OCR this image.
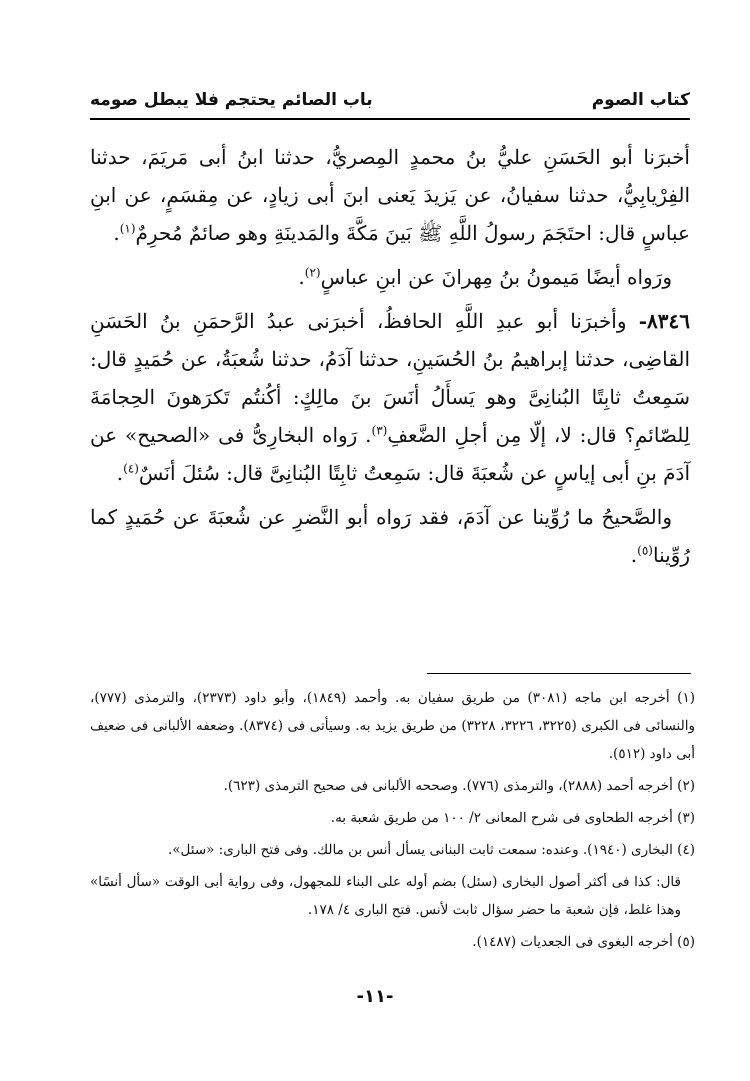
كتاب الصوم
باب الصائم يحتجم فلا يبطل صومه

أخبرَنا أبو الحَسَنِ عليُّ بنُ محمدٍ المِصريُّ، حدثنا ابنُ أبى مَريَمَ، حدثنا الفِرْيابِيُّ، حدثنا سفيانُ، عن يَزيدَ يَعنى ابنَ أبى زيادٍ، عن مِقسَمٍ، عن ابنِ عباسٍ قال: احتَجَمَ رسولُ اللَّهِ ﷺ بَينَ مَكَّةَ والمَدينَةِ وهو صائمٌ مُحرِمٌ$^{(١)}$.

ورَواه أيضًا مَيمونُ بنُ مِهرانَ عن ابنِ عباسٍ$^{(٢)}$.

٨٣٤٦- وأخبرَنا أبو عبدِ اللَّهِ الحافظُ، أخبرَنى عبدُ الرَّحمَنِ بنُ الحَسَنِ القاضِى، حدثنا إبراهيمُ بنُ الحُسَينِ، حدثنا آدَمُ، حدثنا شُعبَةُ، عن حُمَيدٍ قال: سَمِعتُ ثابِتًا البُنانِىَّ وهو يَسأَلُ أنَسَ بنَ مالِكٍ: أكُنتُم تَكرَهونَ الحِجامَةَ لِلصّائمِ؟ قال: لا، إلّا مِن أجلِ الضَّعفِ$^{(٣)}$. رَواه البخارِىُّ فى «الصحيح» عن آدَمَ بنِ أبى إياسٍ عن شُعبَةَ قال: سَمِعتُ ثابِتًا البُنانِىَّ قال: سُئلَ أنَسٌ$^{(٤)}$.

والصَّحيحُ ما رُوِّينا عن آدَمَ، فقد رَواه أبو النَّضرِ عن شُعبَةَ عن حُمَيدٍ كما رُوِّينا$^{(٥)}$.

(١) أخرجه ابن ماجه (٣٠٨١) من طريق سفيان به. وأحمد (١٨٤٩)، وأبو داود (٢٣٧٣)، والترمذى (٧٧٧)، والنسائى فى الكبرى (٣٢٢٥، ٣٢٢٦، ٣٢٢٨) من طريق يزيد به. وسيأتى فى (٨٣٧٤). وضعفه الألبانى فى ضعيف أبى داود (٥١٢).

(٢) أخرجه أحمد (٢٨٨٨)، والترمذى (٧٧٦). وصححه الألبانى فى صحيح الترمذى (٦٢٣).

(٣) أخرجه الطحاوى فى شرح المعانى ٢/ ١٠٠ من طريق شعبة به.

(٤) البخارى (١٩٤٠). وعنده: سمعت ثابت البنانى يسأل أنس بن مالك. وفى فتح البارى: «سئل».

قال: كذا فى أكثر أصول البخارى (سئل) بضم أوله على البناء للمجهول، وفى رواية أبى الوقت «سأل أنسًا» وهذا غلط، فإن شعبة ما حضر سؤال ثابت لأنس. فتح البارى ٤/ ١٧٨.

(٥) أخرجه البغوى فى الجعديات (١٤٨٧).

-١١-
